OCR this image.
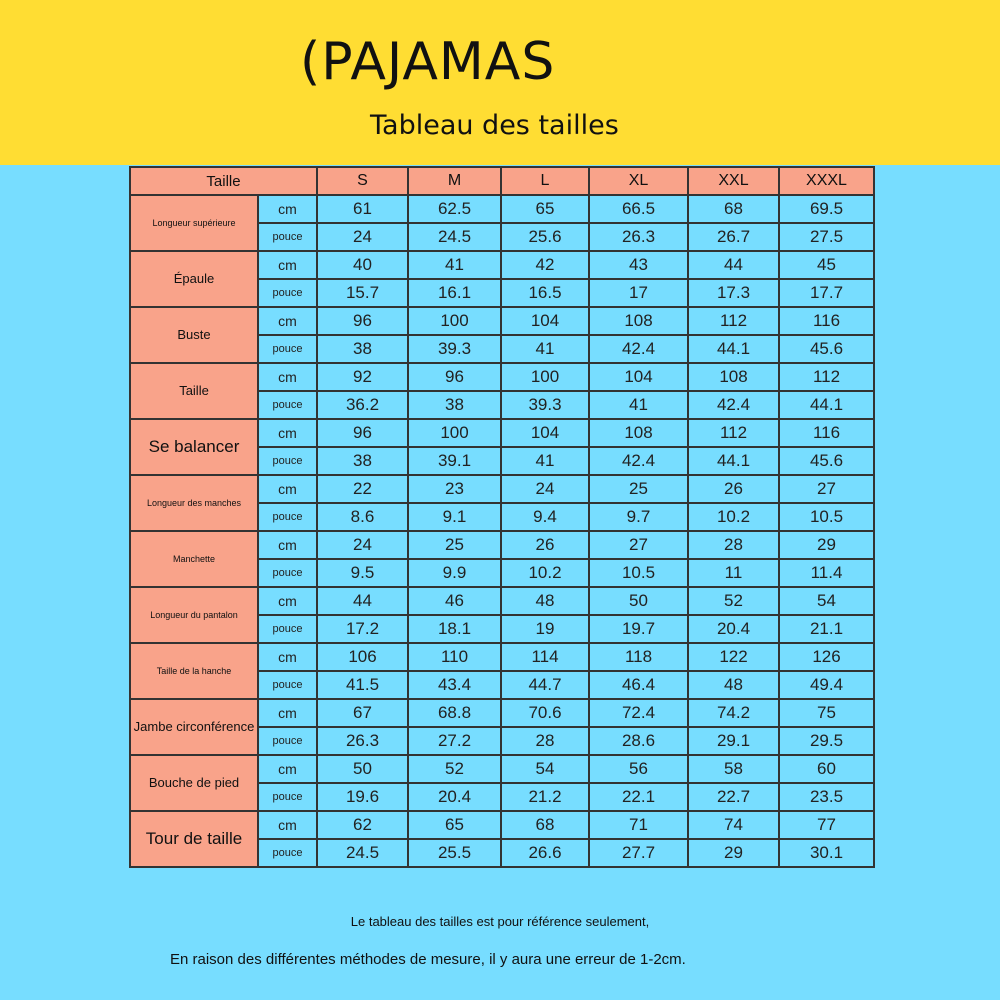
(PAJAMAS
Tableau des tailles
Taille		S	M	L	XL	XXL	XXXL
Longueur supérieure	cm	61	62.5	65	66.5	68	69.5
	pouce	24	24.5	25.6	26.3	26.7	27.5
Épaule	cm	40	41	42	43	44	45
	pouce	15.7	16.1	16.5	17	17.3	17.7
Buste	cm	96	100	104	108	112	116
	pouce	38	39.3	41	42.4	44.1	45.6
Taille	cm	92	96	100	104	108	112
	pouce	36.2	38	39.3	41	42.4	44.1
Se balancer	cm	96	100	104	108	112	116
	pouce	38	39.1	41	42.4	44.1	45.6
Longueur des manches	cm	22	23	24	25	26	27
	pouce	8.6	9.1	9.4	9.7	10.2	10.5
Manchette	cm	24	25	26	27	28	29
	pouce	9.5	9.9	10.2	10.5	11	11.4
Longueur du pantalon	cm	44	46	48	50	52	54
	pouce	17.2	18.1	19	19.7	20.4	21.1
Taille de la hanche	cm	106	110	114	118	122	126
	pouce	41.5	43.4	44.7	46.4	48	49.4
Jambe circonférence	cm	67	68.8	70.6	72.4	74.2	75
	pouce	26.3	27.2	28	28.6	29.1	29.5
Bouche de pied	cm	50	52	54	56	58	60
	pouce	19.6	20.4	21.2	22.1	22.7	23.5
Tour de taille	cm	62	65	68	71	74	77
	pouce	24.5	25.5	26.6	27.7	29	30.1
Le tableau des tailles est pour référence seulement,
En raison des différentes méthodes de mesure, il y aura une erreur de 1-2cm.
